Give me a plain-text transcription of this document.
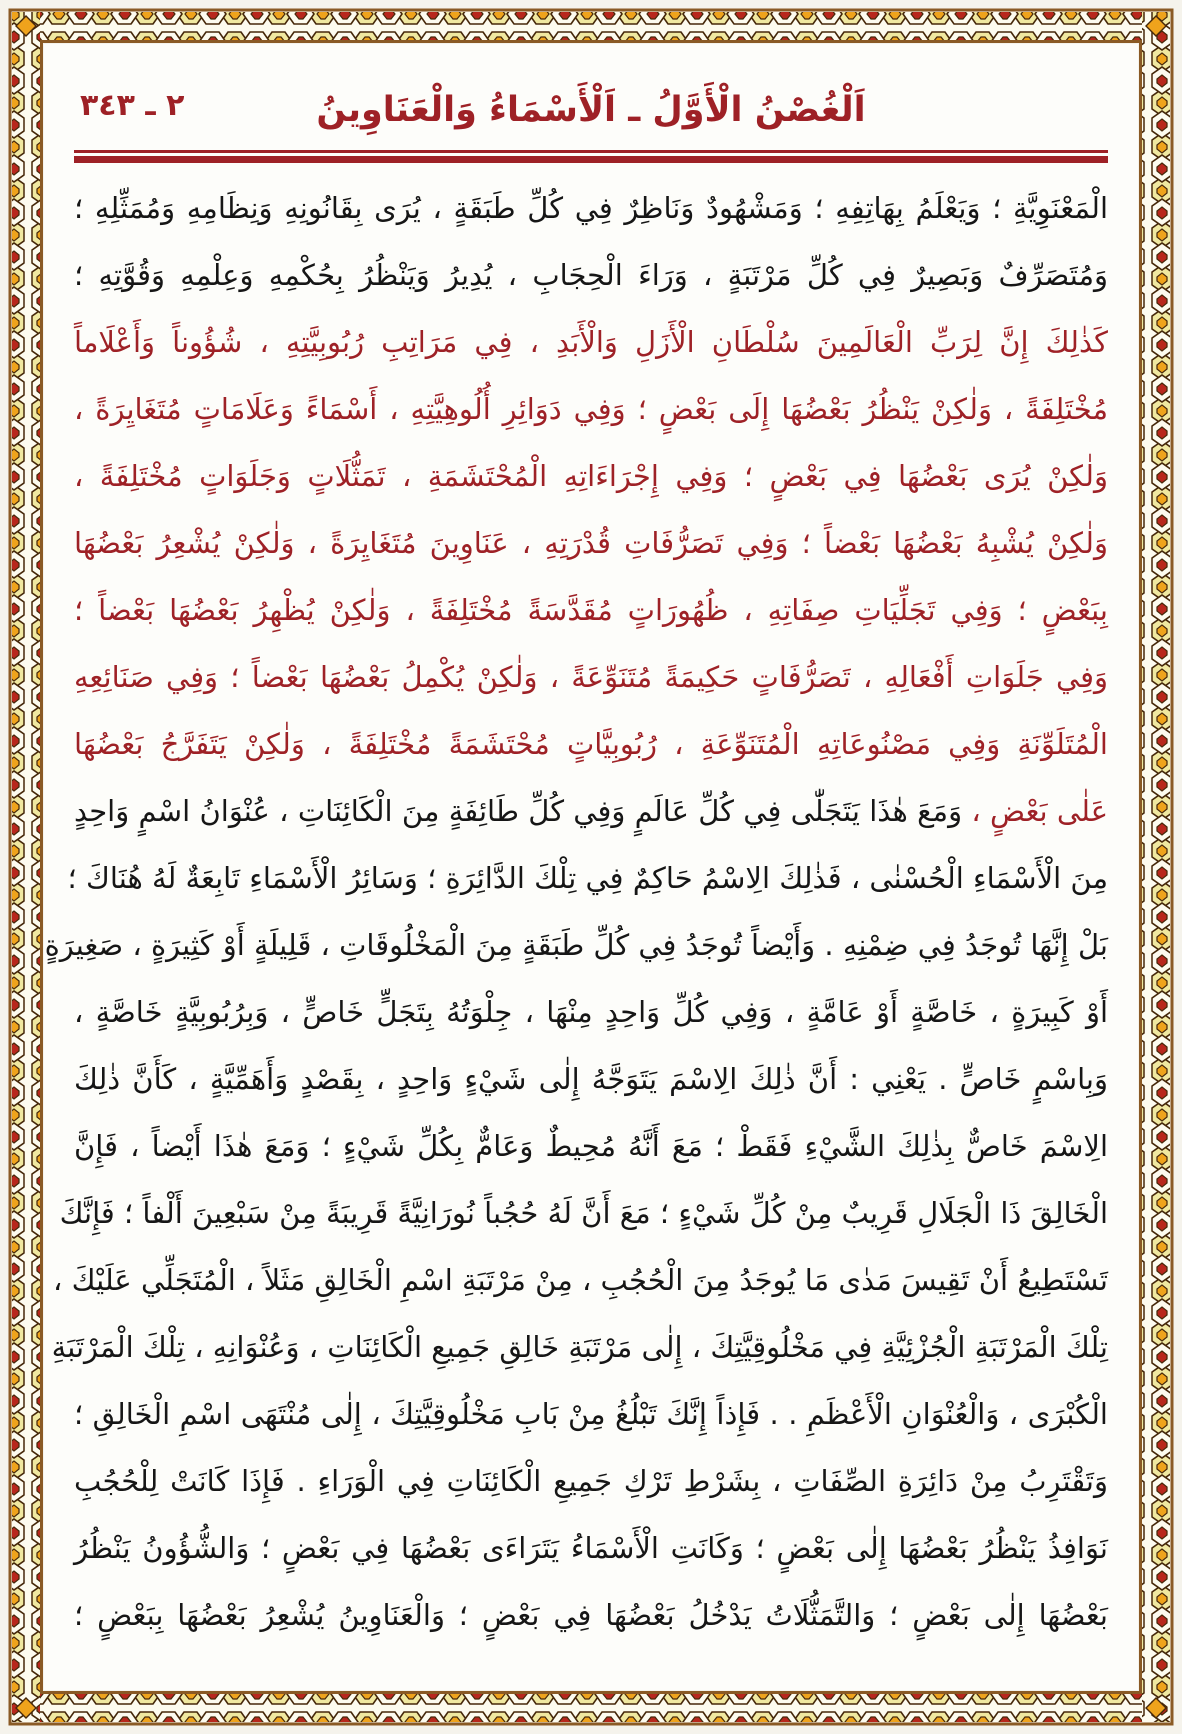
اَلْغُصْنُ الْأَوَّلُ ـ اَلْأَسْمَاءُ وَالْعَنَاوِينُ
٢ ـ ٣٤٣
الْمَعْنَوِيَّةِ ؛ وَيَعْلَمُ بِهَاتِفِهِ ؛ وَمَشْهُودٌ وَنَاظِرٌ فِي كُلِّ طَبَقَةٍ ، يُرَى بِقَانُونِهِ وَنِظَامِهِ وَمُمَثِّلِهِ ؛
وَمُتَصَرِّفٌ وَبَصِيرٌ فِي كُلِّ مَرْتَبَةٍ ، وَرَاءَ الْحِجَابِ ، يُدِيرُ وَيَنْظُرُ بِحُكْمِهِ وَعِلْمِهِ وَقُوَّتِهِ ؛
كَذٰلِكَ إِنَّ لِرَبِّ الْعَالَمِينَ سُلْطَانِ الْأَزَلِ وَالْأَبَدِ ، فِي مَرَاتِبِ رُبُوبِيَّتِهِ ، شُؤُوناً وَأَعْلَاماً
مُخْتَلِفَةً ، وَلٰكِنْ يَنْظُرُ بَعْضُهَا إِلَى بَعْضٍ ؛ وَفِي دَوَائِرِ أُلُوهِيَّتِهِ ، أَسْمَاءً وَعَلَامَاتٍ مُتَغَايِرَةً ،
وَلٰكِنْ يُرَى بَعْضُهَا فِي بَعْضٍ ؛ وَفِي إِجْرَاءَاتِهِ الْمُحْتَشَمَةِ ، تَمَثُّلَاتٍ وَجَلَوَاتٍ مُخْتَلِفَةً ،
وَلٰكِنْ يُشْبِهُ بَعْضُهَا بَعْضاً ؛ وَفِي تَصَرُّفَاتِ قُدْرَتِهِ ، عَنَاوِينَ مُتَغَايِرَةً ، وَلٰكِنْ يُشْعِرُ بَعْضُهَا
بِبَعْضٍ ؛ وَفِي تَجَلِّيَاتِ صِفَاتِهِ ، ظُهُورَاتٍ مُقَدَّسَةً مُخْتَلِفَةً ، وَلٰكِنْ يُظْهِرُ بَعْضُهَا بَعْضاً ؛
وَفِي جَلَوَاتِ أَفْعَالِهِ ، تَصَرُّفَاتٍ حَكِيمَةً مُتَنَوِّعَةً ، وَلٰكِنْ يُكْمِلُ بَعْضُهَا بَعْضاً ؛ وَفِي صَنَائِعِهِ
الْمُتَلَوِّنَةِ وَفِي مَصْنُوعَاتِهِ الْمُتَنَوِّعَةِ ، رُبُوبِيَّاتٍ مُحْتَشَمَةً مُخْتَلِفَةً ، وَلٰكِنْ يَتَفَرَّجُ بَعْضُهَا
عَلٰى بَعْضٍ ، وَمَعَ هٰذَا يَتَجَلّٰى فِي كُلِّ عَالَمٍ وَفِي كُلِّ طَائِفَةٍ مِنَ الْكَائِنَاتِ ، عُنْوَانُ اسْمٍ وَاحِدٍ
مِنَ الْأَسْمَاءِ الْحُسْنٰى ، فَذٰلِكَ الِاسْمُ حَاكِمٌ فِي تِلْكَ الدَّائِرَةِ ؛ وَسَائِرُ الْأَسْمَاءِ تَابِعَةٌ لَهُ هُنَاكَ ؛
بَلْ إِنَّهَا تُوجَدُ فِي ضِمْنِهِ . وَأَيْضاً تُوجَدُ فِي كُلِّ طَبَقَةٍ مِنَ الْمَخْلُوقَاتِ ، قَلِيلَةٍ أَوْ كَثِيرَةٍ ، صَغِيرَةٍ
أَوْ كَبِيرَةٍ ، خَاصَّةٍ أَوْ عَامَّةٍ ، وَفِي كُلِّ وَاحِدٍ مِنْهَا ، جِلْوَتُهُ بِتَجَلٍّ خَاصٍّ ، وَبِرُبُوبِيَّةٍ خَاصَّةٍ ،
وَبِاسْمٍ خَاصٍّ . يَعْنِي : أَنَّ ذٰلِكَ الِاسْمَ يَتَوَجَّهُ إِلٰى شَيْءٍ وَاحِدٍ ، بِقَصْدٍ وَأَهَمِّيَّةٍ ، كَأَنَّ ذٰلِكَ
الِاسْمَ خَاصٌّ بِذٰلِكَ الشَّيْءِ فَقَطْ ؛ مَعَ أَنَّهُ مُحِيطٌ وَعَامٌّ بِكُلِّ شَيْءٍ ؛ وَمَعَ هٰذَا أَيْضاً ، فَإِنَّ
الْخَالِقَ ذَا الْجَلَالِ قَرِيبٌ مِنْ كُلِّ شَيْءٍ ؛ مَعَ أَنَّ لَهُ حُجُباً نُورَانِيَّةً قَرِيبَةً مِنْ سَبْعِينَ أَلْفاً ؛ فَإِنَّكَ
تَسْتَطِيعُ أَنْ تَقِيسَ مَدٰى مَا يُوجَدُ مِنَ الْحُجُبِ ، مِنْ مَرْتَبَةِ اسْمِ الْخَالِقِ مَثَلاً ، الْمُتَجَلِّي عَلَيْكَ ،
تِلْكَ الْمَرْتَبَةِ الْجُزْئِيَّةِ فِي مَخْلُوقِيَّتِكَ ، إِلٰى مَرْتَبَةِ خَالِقِ جَمِيعِ الْكَائِنَاتِ ، وَعُنْوَانِهِ ، تِلْكَ الْمَرْتَبَةِ
الْكُبْرَى ، وَالْعُنْوَانِ الْأَعْظَمِ . . فَإِذاً إِنَّكَ تَبْلُغُ مِنْ بَابِ مَخْلُوقِيَّتِكَ ، إِلٰى مُنْتَهَى اسْمِ الْخَالِقِ ؛
وَتَقْتَرِبُ مِنْ دَائِرَةِ الصِّفَاتِ ، بِشَرْطِ تَرْكِ جَمِيعِ الْكَائِنَاتِ فِي الْوَرَاءِ . فَإِذَا كَانَتْ لِلْحُجُبِ
نَوَافِذُ يَنْظُرُ بَعْضُهَا إِلٰى بَعْضٍ ؛ وَكَانَتِ الْأَسْمَاءُ يَتَرَاءَى بَعْضُهَا فِي بَعْضٍ ؛ وَالشُّؤُونُ يَنْظُرُ
بَعْضُهَا إِلٰى بَعْضٍ ؛ وَالتَّمَثُّلَاتُ يَدْخُلُ بَعْضُهَا فِي بَعْضٍ ؛ وَالْعَنَاوِينُ يُشْعِرُ بَعْضُهَا بِبَعْضٍ ؛
